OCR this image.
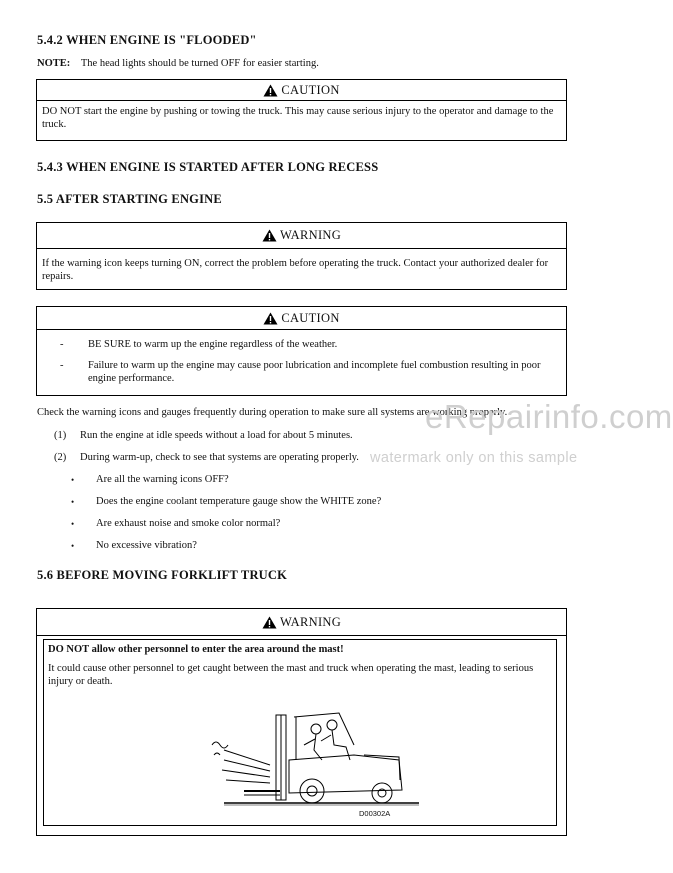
5.4.2 WHEN ENGINE IS "FLOODED"
NOTE: The head lights should be turned OFF for easier starting.
CAUTION
DO NOT start the engine by pushing or towing the truck. This may cause serious injury to the operator and damage to the truck.
5.4.3 WHEN ENGINE IS STARTED AFTER LONG RECESS
5.5 AFTER STARTING ENGINE
WARNING
If the warning icon keeps turning ON, correct the problem before operating the truck. Contact your authorized dealer for repairs.
CAUTION
- BE SURE to warm up the engine regardless of the weather.
- Failure to warm up the engine may cause poor lubrication and incomplete fuel combustion resulting in poor engine performance.
Check the warning icons and gauges frequently during operation to make sure all systems are working properly.
(1) Run the engine at idle speeds without a load for about 5 minutes.
(2) During warm-up, check to see that systems are operating properly.
• Are all the warning icons OFF?
• Does the engine coolant temperature gauge show the WHITE zone?
• Are exhaust noise and smoke color normal?
• No excessive vibration?
eRepairinfo.com
watermark only on this sample
5.6 BEFORE MOVING FORKLIFT TRUCK
WARNING
DO NOT allow other personnel to enter the area around the mast!
It could cause other personnel to get caught between the mast and truck when operating the mast, leading to serious injury or death.
D00302A
